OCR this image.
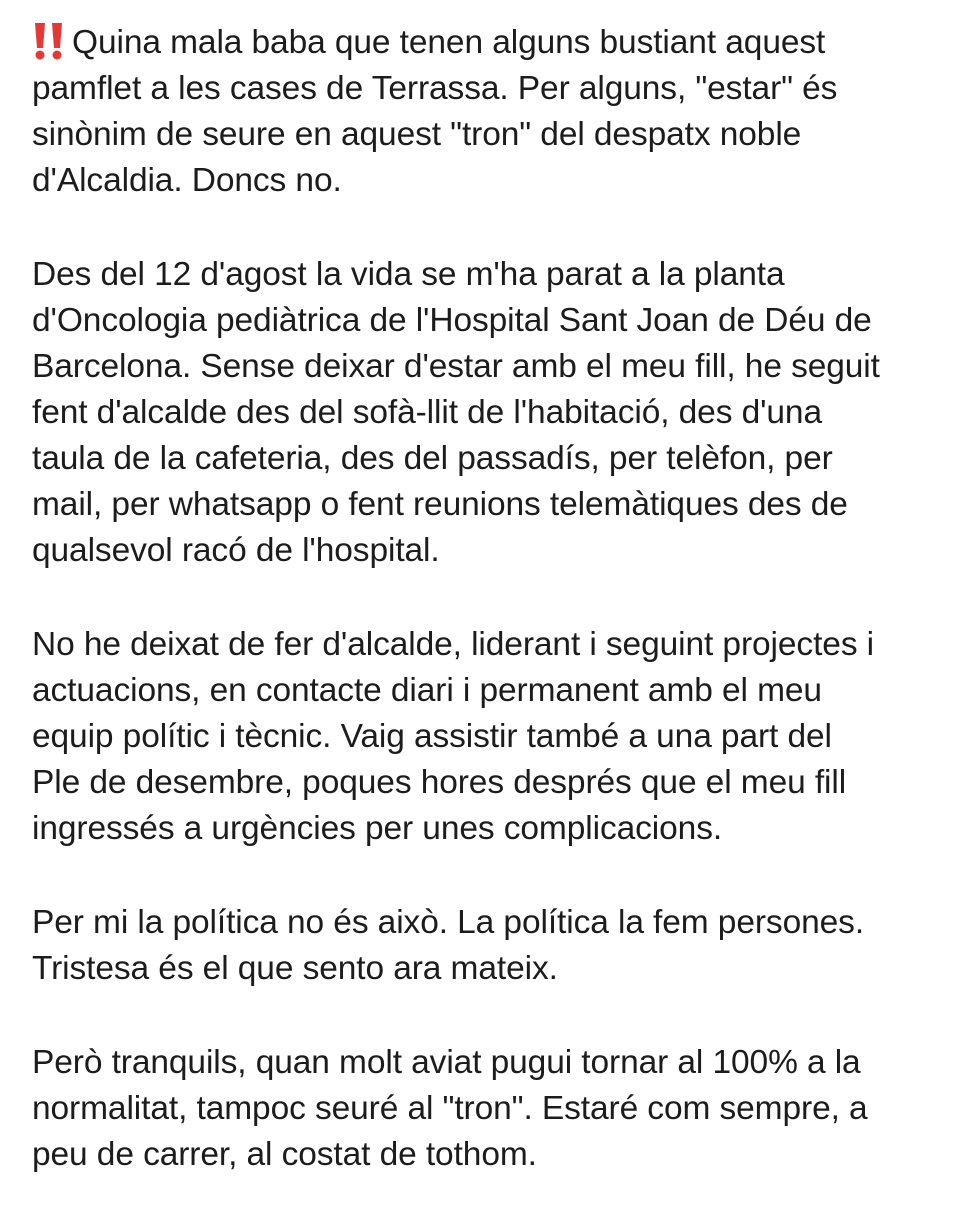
Quina mala baba que tenen alguns bustiant aquest
pamflet a les cases de Terrassa. Per alguns, "estar" és
sinònim de seure en aquest "tron" del despatx noble
d'Alcaldia. Doncs no.

Des del 12 d'agost la vida se m'ha parat a la planta
d'Oncologia pediàtrica de l'Hospital Sant Joan de Déu de
Barcelona. Sense deixar d'estar amb el meu fill, he seguit
fent d'alcalde des del sofà-llit de l'habitació, des d'una
taula de la cafeteria, des del passadís, per telèfon, per
mail, per whatsapp o fent reunions telemàtiques des de
qualsevol racó de l'hospital.

No he deixat de fer d'alcalde, liderant i seguint projectes i
actuacions, en contacte diari i permanent amb el meu
equip polític i tècnic. Vaig assistir també a una part del
Ple de desembre, poques hores després que el meu fill
ingressés a urgències per unes complicacions.

Per mi la política no és això. La política la fem persones.
Tristesa és el que sento ara mateix.

Però tranquils, quan molt aviat pugui tornar al 100% a la
normalitat, tampoc seuré al "tron". Estaré com sempre, a
peu de carrer, al costat de tothom.
